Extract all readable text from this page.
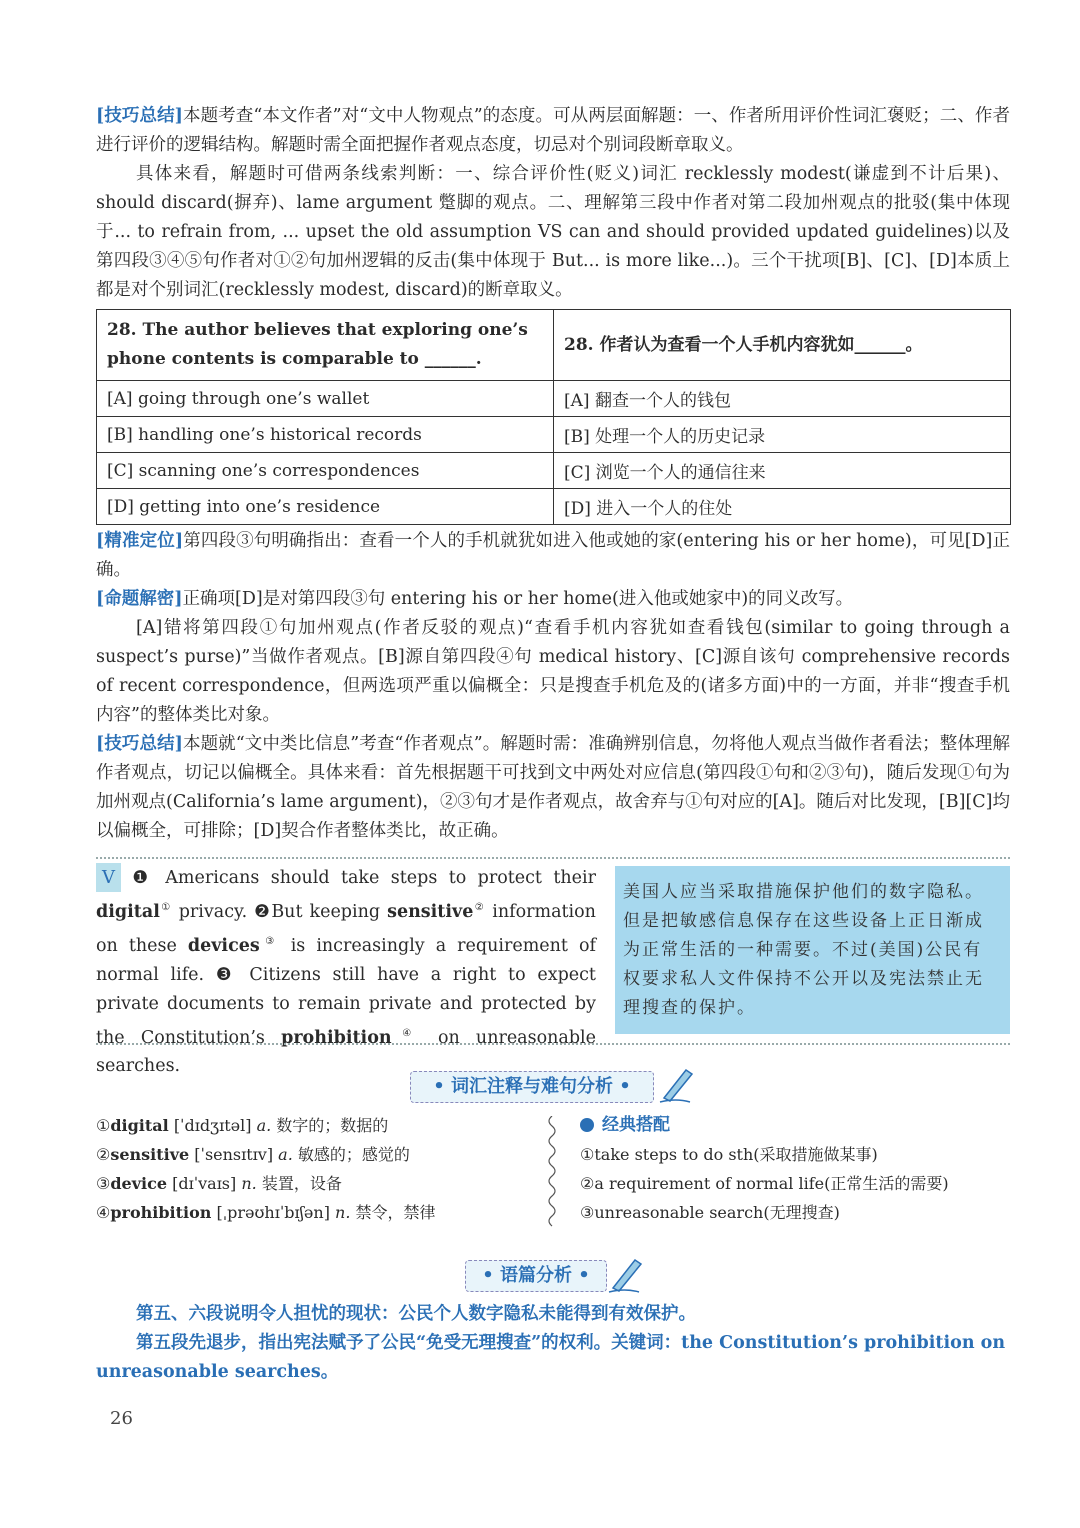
[技巧总结]本题考查“本文作者”对“文中人物观点”的态度。可从两层面解题：一、作者所用评价性词汇褒贬；二、作者进行评价的逻辑结构。解题时需全面把握作者观点态度，切忌对个别词段断章取义。
具体来看，解题时可借两条线索判断：一、综合评价性(贬义)词汇 recklessly modest(谦虚到不计后果)、should discard(摒弃)、lame argument 蹩脚的观点。二、理解第三段中作者对第二段加州观点的批驳(集中体现于... to refrain from, ... upset the old assumption VS can and should provided updated guidelines)以及第四段③④⑤句作者对①②句加州逻辑的反击(集中体现于 But... is more like...)。三个干扰项[B]、[C]、[D]本质上都是对个别词汇(recklessly modest, discard)的断章取义。
28. The author believes that exploring one’s phone contents is comparable to ______.	28. 作者认为查看一个人手机内容犹如______。
[A] going through one’s wallet	[A] 翻查一个人的钱包
[B] handling one’s historical records	[B] 处理一个人的历史记录
[C] scanning one’s correspondences	[C] 浏览一个人的通信往来
[D] getting into one’s residence	[D] 进入一个人的住处
[精准定位]第四段③句明确指出：查看一个人的手机就犹如进入他或她的家(entering his or her home)，可见[D]正确。
[命题解密]正确项[D]是对第四段③句 entering his or her home(进入他或她家中)的同义改写。
[A]错将第四段①句加州观点(作者反驳的观点)“查看手机内容犹如查看钱包(similar to going through a suspect’s purse)”当做作者观点。[B]源自第四段④句 medical history、[C]源自该句 comprehensive records of recent correspondence，但两选项严重以偏概全：只是搜查手机危及的(诸多方面)中的一方面，并非“搜查手机内容”的整体类比对象。
[技巧总结]本题就“文中类比信息”考查“作者观点”。解题时需：准确辨别信息，勿将他人观点当做作者看法；整体理解作者观点，切记以偏概全。具体来看：首先根据题干可找到文中两处对应信息(第四段①句和②③句)，随后发现①句为加州观点(California’s lame argument)，②③句才是作者观点，故舍弃与①句对应的[A]。随后对比发现，[B][C]均以偏概全，可排除；[D]契合作者整体类比，故正确。
V ❶ Americans should take steps to protect their digital① privacy. ❷But keeping sensitive② information on these devices③ is increasingly a requirement of normal life. ❸ Citizens still have a right to expect private documents to remain private and protected by the Constitution’s prohibition④ on unreasonable searches.
美国人应当采取措施保护他们的数字隐私。但是把敏感信息保存在这些设备上正日渐成为正常生活的一种需要。不过(美国)公民有权要求私人文件保持不公开以及宪法禁止无理搜查的保护。
• 词汇注释与难句分析 •
①digital [ˈdɪdʒɪtəl] a. 数字的；数据的
②sensitive [ˈsensɪtɪv] a. 敏感的；感觉的
③device [dɪˈvaɪs] n. 装置，设备
④prohibition [ˌprəʊhɪˈbɪʃən] n. 禁令，禁律
经典搭配
①take steps to do sth(采取措施做某事)
②a requirement of normal life(正常生活的需要)
③unreasonable search(无理搜查)
• 语篇分析 •
第五、六段说明令人担忧的现状：公民个人数字隐私未能得到有效保护。
第五段先退步，指出宪法赋予了公民“免受无理搜查”的权利。关键词：the Constitution’s prohibition on unreasonable searches。
26
